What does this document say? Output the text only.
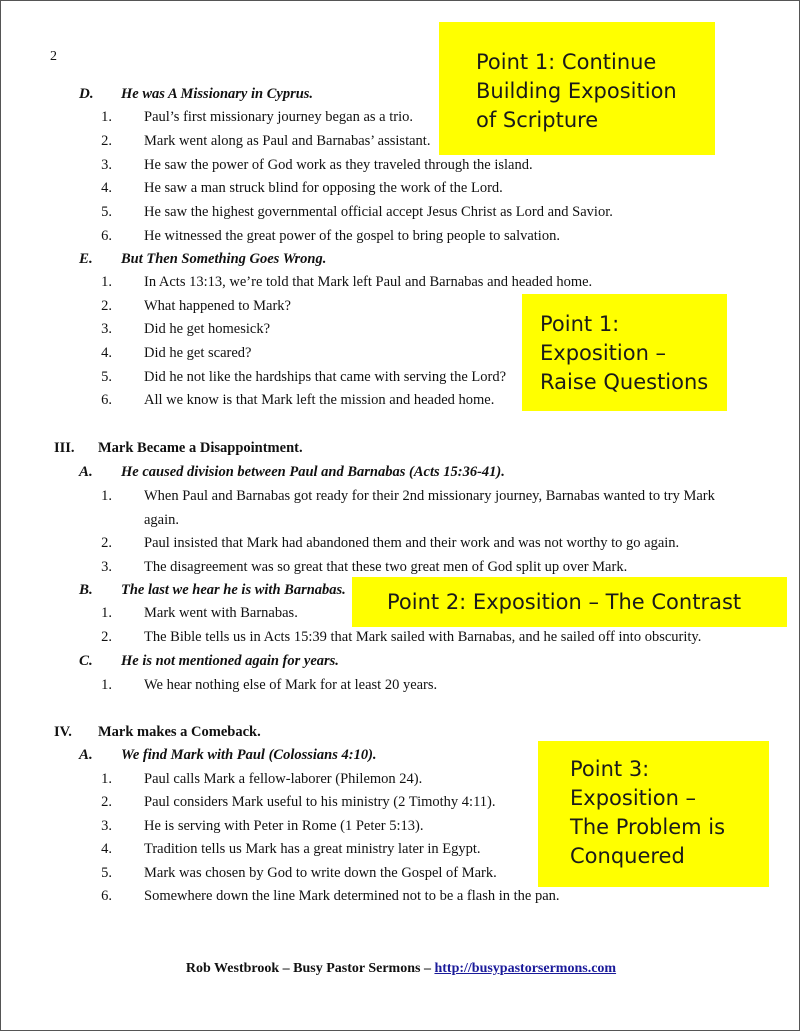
2
D. He was A Missionary in Cyprus.
1. Paul’s first missionary journey began as a trio.
2. Mark went along as Paul and Barnabas’ assistant.
3. He saw the power of God work as they traveled through the island.
4. He saw a man struck blind for opposing the work of the Lord.
5. He saw the highest governmental official accept Jesus Christ as Lord and Savior.
6. He witnessed the great power of the gospel to bring people to salvation.
E. But Then Something Goes Wrong.
1. In Acts 13:13, we’re told that Mark left Paul and Barnabas and headed home.
2. What happened to Mark?
3. Did he get homesick?
4. Did he get scared?
5. Did he not like the hardships that came with serving the Lord?
6. All we know is that Mark left the mission and headed home.
III. Mark Became a Disappointment.
A. He caused division between Paul and Barnabas (Acts 15:36-41).
1. When Paul and Barnabas got ready for their 2nd missionary journey, Barnabas wanted to try Mark
again.
2. Paul insisted that Mark had abandoned them and their work and was not worthy to go again.
3. The disagreement was so great that these two great men of God split up over Mark.
B. The last we hear he is with Barnabas.
1. Mark went with Barnabas.
2. The Bible tells us in Acts 15:39 that Mark sailed with Barnabas, and he sailed off into obscurity.
C. He is not mentioned again for years.
1. We hear nothing else of Mark for at least 20 years.
IV. Mark makes a Comeback.
A. We find Mark with Paul (Colossians 4:10).
1. Paul calls Mark a fellow-laborer (Philemon 24).
2. Paul considers Mark useful to his ministry (2 Timothy 4:11).
3. He is serving with Peter in Rome (1 Peter 5:13).
4. Tradition tells us Mark has a great ministry later in Egypt.
5. Mark was chosen by God to write down the Gospel of Mark.
6. Somewhere down the line Mark determined not to be a flash in the pan.
Point 1: Continue
Building Exposition
of Scripture
Point 1:
Exposition –
Raise Questions
Point 2: Exposition – The Contrast
Point 3:
Exposition –
The Problem is
Conquered
Rob Westbrook – Busy Pastor Sermons – http://busypastorsermons.com
